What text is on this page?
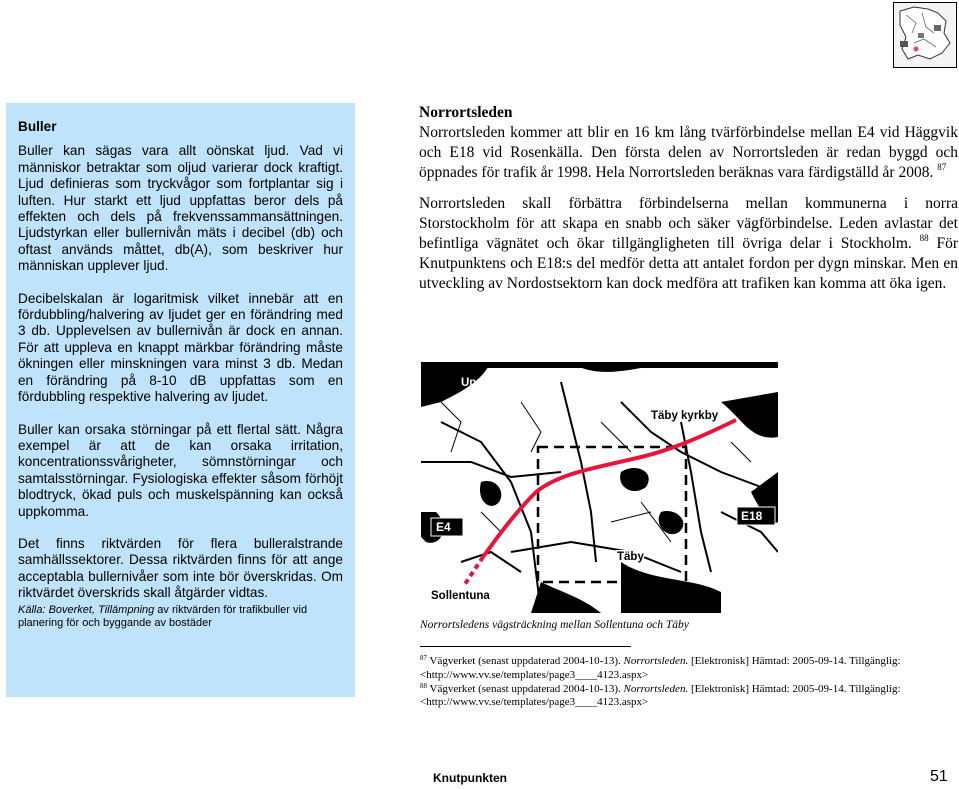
Buller

Buller kan sägas vara allt oönskat ljud. Vad vi människor betraktar som oljud varierar dock kraftigt. Ljud definieras som tryckvågor som fortplantar sig i luften. Hur starkt ett ljud uppfattas beror dels på effekten och dels på frekvenssammansättningen. Ljudstyrkan eller bullernivån mäts i decibel (db) och oftast används måttet, db(A), som beskriver hur människan upplever ljud.

Decibelskalan är logaritmisk vilket innebär att en fördubbling/halvering av ljudet ger en förändring med 3 db. Upplevelsen av bullernivån är dock en annan. För att uppleva en knappt märkbar förändring måste ökningen eller minskningen vara minst 3 db. Medan en förändring på 8-10 dB uppfattas som en fördubbling respektive halvering av ljudet.

Buller kan orsaka störningar på ett flertal sätt. Några exempel är att de kan orsaka irritation, koncentrationssvårigheter, sömnstörningar och samtalsstörningar. Fysiologiska effekter såsom förhöjt blodtryck, ökad puls och muskelspänning kan också uppkomma.

Det finns riktvärden för flera bulleralstrande samhällssektorer. Dessa riktvärden finns för att ange acceptabla bullernivåer som inte bör överskridas. Om riktvärdet överskrids skall åtgärder vidtas.

Källa: Boverket, Tillämpning av riktvärden för trafikbuller vid planering för och byggande av bostäder
Norrortsleden

Norrortsleden kommer att blir en 16 km lång tvärförbindelse mellan E4 vid Häggvik och E18 vid Rosenkälla. Den första delen av Norrortsleden är redan byggd och öppnades för trafik år 1998. Hela Norrortsleden beräknas vara färdigställd år 2008. $^{87}$

Norrortsleden skall förbättra förbindelserna mellan kommunerna i norra Storstockholm för att skapa en snabb och säker vägförbindelse. Leden avlastar det befintliga vägnätet och ökar tillgängligheten till övriga delar i Stockholm. $^{88}$ För Knutpunktens och E18:s del medför detta att antalet fordon per dygn minskar. Men en utveckling av Nordostsektorn kan dock medföra att trafiken kan komma att öka igen.

Upplands Väsby
Täby kyrkby
E4
E18
Täby
Sollentuna
Norrortsledens vägsträckning mellan Sollentuna och Täby

$^{87}$ Vägverket (senast uppdaterad 2004-10-13). Norrortsleden. [Elektronisk] Hämtad: 2005-09-14. Tillgänglig: <http://www.vv.se/templates/page3____4123.aspx>

$^{88}$ Vägverket (senast uppdaterad 2004-10-13). Norrortsleden. [Elektronisk] Hämtad: 2005-09-14. Tillgänglig: <http://www.vv.se/templates/page3____4123.aspx>

Knutpunkten	51
